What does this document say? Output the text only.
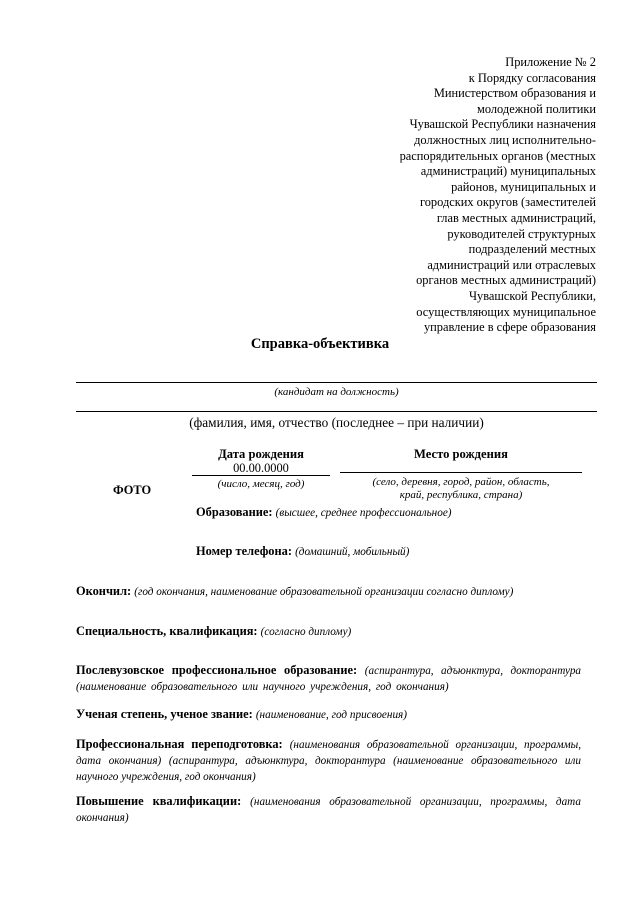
Приложение № 2
к Порядку согласования
Министерством образования и
молодежной политики
Чувашской Республики назначения
должностных лиц исполнительно-
распорядительных органов (местных
администраций) муниципальных
районов, муниципальных и
городских округов (заместителей
глав местных администраций,
руководителей структурных
подразделений местных
администраций или отраслевых
органов местных администраций)
Чувашской Республики,
осуществляющих муниципальное
управление в сфере образования
Справка-объективка
(кандидат на должность)
(фамилия, имя, отчество (последнее – при наличии)
ФОТО
Дата рождения
00.00.0000
(число, месяц, год)
Место рождения
(село, деревня, город, район, область,
край, республика, страна)
Образование: (высшее, среднее профессиональное)
Номер телефона: (домашний, мобильный)
Окончил: (год окончания, наименование образовательной организации согласно диплому)
Специальность, квалификация: (согласно диплому)
Послевузовское профессиональное образование: (аспирантура, адъюнктура, докторантура (наименование образовательного или научного учреждения, год окончания)
Ученая степень, ученое звание: (наименование, год присвоения)
Профессиональная переподготовка: (наименования образовательной организации, программы, дата окончания) (аспирантура, адъюнктура, докторантура (наименование образовательного или научного учреждения, год окончания)
Повышение квалификации: (наименования образовательной организации, программы, дата окончания)
